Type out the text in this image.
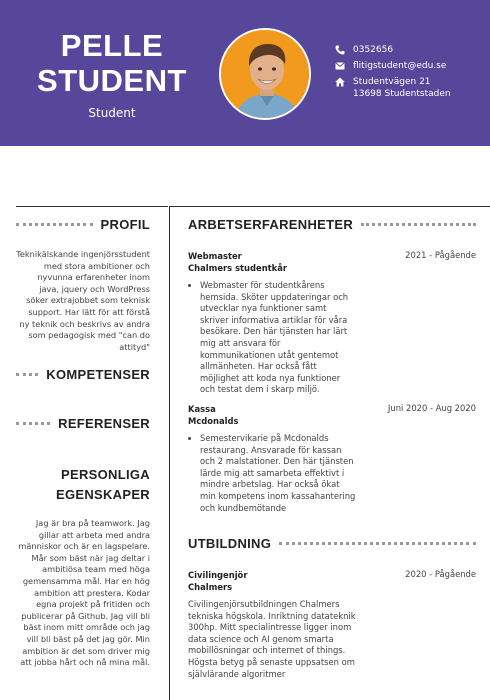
PELLE
STUDENT
Student
0352656
flitigstudent@edu.se
Studentvägen 21
13698 Studentstaden
PROFIL
Teknikälskande ingenjörsstudent med stora ambitioner och nyvunna erfarenheter inom java, jquery och WordPress söker extrajobbet som teknisk support. Har lätt för att förstå ny teknik och beskrivs av andra som pedagogisk med "can do attityd"
KOMPETENSER
REFERENSER
PERSONLIGA
EGENSKAPER
Jag är bra på teamwork. Jag gillar att arbeta med andra människor och är en lagspelare. Mår som bäst när jag deltar i ambitiösa team med höga gemensamma mål. Har en hög ambition att prestera. Kodar egna projekt på fritiden och publicerar på Github. Jag vill bli bäst inom mitt område och jag vill bli bäst på det jag gör. Min ambition är det som driver mig att jobba hårt och nå mina mål.
ARBETSERFARENHETER
Webmaster
Chalmers studentkår
2021 - Pågående
• Webmaster för studentkårens hemsida. Sköter uppdateringar och utvecklar nya funktioner samt skriver informativa artiklar för våra besökare. Den här tjänsten har lärt mig att ansvara för kommunikationen utåt gentemot allmänheten. Har också fått möjlighet att koda nya funktioner och testat dem i skarp miljö.
Kassa
Mcdonalds
Juni 2020 - Aug 2020
• Semestervikarie på Mcdonalds restaurang. Ansvarade för kassan och 2 malstationer. Den här tjänsten lärde mig att samarbeta effektivt i mindre arbetslag. Har också ökat min kompetens inom kassahantering och kundbemötande
UTBILDNING
Civilingenjör
Chalmers
2020 - Pågående
Civilingenjörsutbildningen Chalmers tekniska högskola. Inriktning datateknik 300hp. Mitt specialintresse ligger inom data science och AI genom smarta mobillösningar och internet of things. Högsta betyg på senaste uppsatsen om självlärande algoritmer
